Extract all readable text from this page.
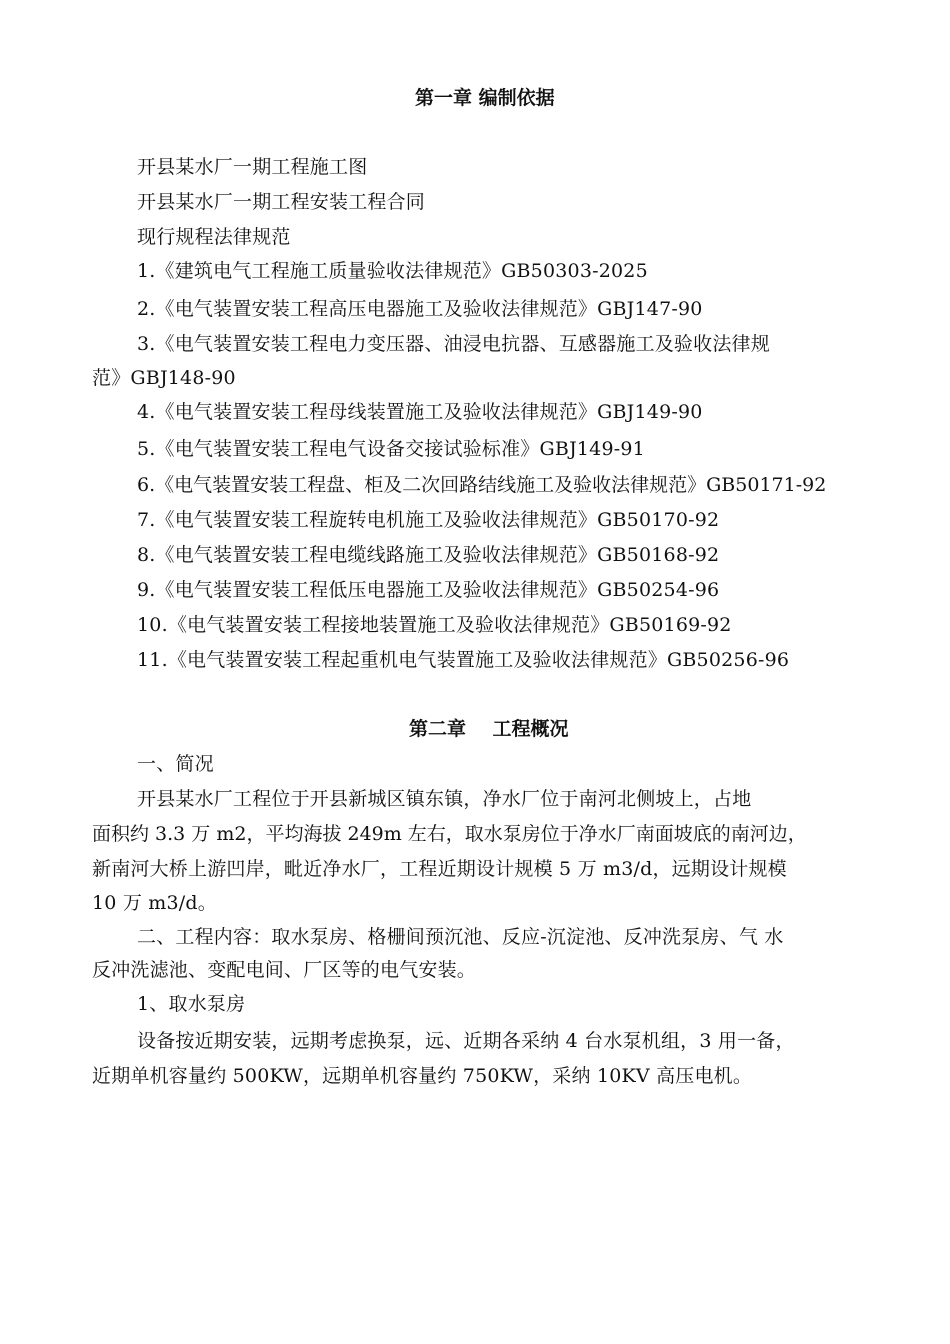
第一章 编制依据
开县某水厂一期工程施工图
开县某水厂一期工程安装工程合同
现行规程法律规范
1.《建筑电气工程施工质量验收法律规范》GB50303-2025
2.《电气装置安装工程高压电器施工及验收法律规范》GBJ147-90
3.《电气装置安装工程电力变压器、油浸电抗器、互感器施工及验收法律规
范》GBJ148-90
4.《电气装置安装工程母线装置施工及验收法律规范》GBJ149-90
5.《电气装置安装工程电气设备交接试验标准》GBJ149-91
6.《电气装置安装工程盘、柜及二次回路结线施工及验收法律规范》GB50171-92
7.《电气装置安装工程旋转电机施工及验收法律规范》GB50170-92
8.《电气装置安装工程电缆线路施工及验收法律规范》GB50168-92
9.《电气装置安装工程低压电器施工及验收法律规范》GB50254-96
10.《电气装置安装工程接地装置施工及验收法律规范》GB50169-92
11.《电气装置安装工程起重机电气装置施工及验收法律规范》GB50256-96
第二章    工程概况
一、简况
开县某水厂工程位于开县新城区镇东镇，净水厂位于南河北侧坡上，占地
面积约 3.3 万 m2，平均海拔 249m 左右，取水泵房位于净水厂南面坡底的南河边，
新南河大桥上游凹岸，毗近净水厂，工程近期设计规模 5 万 m3/d，远期设计规模
10 万 m3/d。
二、工程内容：取水泵房、格栅间预沉池、反应-沉淀池、反冲洗泵房、气 水
反冲洗滤池、变配电间、厂区等的电气安装。
1、取水泵房
设备按近期安装，远期考虑换泵，远、近期各采纳 4 台水泵机组，3 用一备，
近期单机容量约 500KW，远期单机容量约 750KW，采纳 10KV 高压电机。
